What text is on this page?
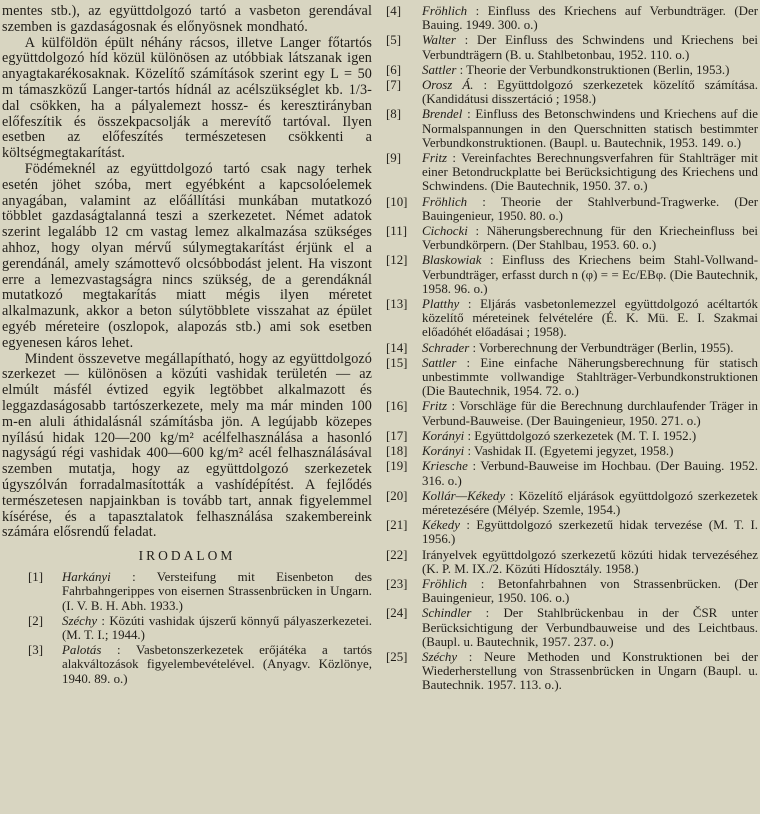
mentes stb.), az együttdolgozó tartó a vasbeton gerendával szemben is gazdaságosnak és előnyösnek mondható.
A külföldön épült néhány rácsos, illetve Langer főtartós együttdolgozó híd közül különösen az utóbbiak látszanak igen anyagtakarékosaknak. Közelítő számítások szerint egy L = 50 m támaszközű Langer-tartós hídnál az acélszükséglet kb. 1/3-dal csökken, ha a pályalemezt hossz- és keresztirányban előfeszítik és összekpacsolják a merevítő tartóval. Ilyen esetben az előfeszítés természetesen csökkenti a költségmegtakarítást.
Födémeknél az együttdolgozó tartó csak nagy terhek esetén jöhet szóba, mert egyébként a kapcsolóelemek anyagában, valamint az előállítási munkában mutatkozó többlet gazdaságtalanná teszi a szerkezetet. Német adatok szerint legalább 12 cm vastag lemez alkalmazása szükséges ahhoz, hogy olyan mérvű súlymegtakarítást érjünk el a gerendánál, amely számottevő olcsóbbodást jelent. Ha viszont erre a lemezvastagságra nincs szükség, de a gerendáknál mutatkozó megtakarítás miatt mégis ilyen méretet alkalmazunk, akkor a beton súlytöbblete visszahat az épület egyéb méreteire (oszlopok, alapozás stb.) ami sok esetben egyenesen káros lehet.
Mindent összevetve megállapítható, hogy az együttdolgozó szerkezet — különösen a közúti vashidak területén — az elmúlt másfél évtized egyik legtöbbet alkalmazott és leggazdaságosabb tartószerkezete, mely ma már minden 100 m-en aluli áthidalásnál számításba jön. A legújabb közepes nyílású hidak 120—200 kg/m² acélfelhasználása a hasonló nagyságú régi vashidak 400—600 kg/m² acél felhasználásával szemben mutatja, hogy az együttdolgozó szerkezetek úgyszólván forradalmasították a vashídépítést. A fejlődés természetesen napjainkban is tovább tart, annak figyelemmel kísérése, és a tapasztalatok felhasználása szakembereink számára elősrendű feladat.
IRODALOM
[1] Harkányi : Versteifung mit Eisenbeton des Fahrbahngerippes von eisernen Strassenbrücken in Ungarn. (I. V. B. H. Abh. 1933.)
[2] Széchy : Közúti vashidak újszerű könnyű pályaszerkezetei. (M. T. I.; 1944.)
[3] Palotás : Vasbetonszerkezetek erőjátéka a tartós alakváltozások figyelembevételével. (Anyagv. Közlönye, 1940. 89. o.)
[4] Fröhlich : Einfluss des Kriechens auf Verbundträger. (Der Bauing. 1949. 300. o.)
[5] Walter : Der Einfluss des Schwindens und Kriechens bei Verbundträgern (B. u. Stahlbetonbau, 1952. 110. o.)
[6] Sattler : Theorie der Verbundkonstruktionen (Berlin, 1953.)
[7] Orosz Á. : Együttdolgozó szerkezetek közelítő számítása. (Kandidátusi disszertáció ; 1958.)
[8] Brendel : Einfluss des Betonschwindens und Kriechens auf die Normalspannungen in den Querschnitten statisch bestimmter Verbundkonstruktionen. (Baupl. u. Bautechnik, 1953. 149. o.)
[9] Fritz : Vereinfachtes Berechnungsverfahren für Stahlträger mit einer Betondruckplatte bei Berücksichtigung des Kriechens und Schwindens. (Die Bautechnik, 1950. 37. o.)
[10] Fröhlich : Theorie der Stahlverbund-Tragwerke. (Der Bauingenieur, 1950. 80. o.)
[11] Cichocki : Näherungsberechnung für den Kriecheinfluss bei Verbundkörpern. (Der Stahlbau, 1953. 60. o.)
[12] Blaskowiak : Einfluss des Kriechens beim Stahl-Vollwand-Verbundträger, erfasst durch n (φ) = = Ec/EBφ. (Die Bautechnik, 1958. 96. o.)
[13] Platthy : Eljárás vasbetonlemezzel együttdolgozó acéltartók közelítő méreteinek felvételére (É. K. Mü. E. I. Szakmai előadóhét előadásai ; 1958).
[14] Schrader : Vorberechnung der Verbundträger (Berlin, 1955).
[15] Sattler : Eine einfache Näherungsberechnung für statisch unbestimmte vollwandige Stahlträger-Verbundkonstruktionen (Die Bautechnik, 1954. 72. o.)
[16] Fritz : Vorschläge für die Berechnung durchlaufender Träger in Verbund-Bauweise. (Der Bauingenieur, 1950. 271. o.)
[17] Korányi : Együttdolgozó szerkezetek (M. T. I. 1952.)
[18] Korányi : Vashidak II. (Egyetemi jegyzet, 1958.)
[19] Kriesche : Verbund-Bauweise im Hochbau. (Der Bauing. 1952. 316. o.)
[20] Kollár—Kékedy : Közelítő eljárások együttdolgozó szerkezetek méretezésére (Mélyép. Szemle, 1954.)
[21] Kékedy : Együttdolgozó szerkezetű hidak tervezése (M. T. I. 1956.)
[22] Irányelvek együttdolgozó szerkezetű közúti hidak tervezéséhez (K. P. M. IX./2. Közúti Hídosztály. 1958.)
[23] Fröhlich : Betonfahrbahnen von Strassenbrücken. (Der Bauingenieur, 1950. 106. o.)
[24] Schindler : Der Stahlbrückenbau in der ČSR unter Berücksichtigung der Verbundbauweise und des Leichtbaus. (Baupl. u. Bautechnik, 1957. 237. o.)
[25] Széchy : Neure Methoden und Konstruktionen bei der Wiederherstellung von Strassenbrücken in Ungarn (Baupl. u. Bautechnik. 1957. 113. o.).
